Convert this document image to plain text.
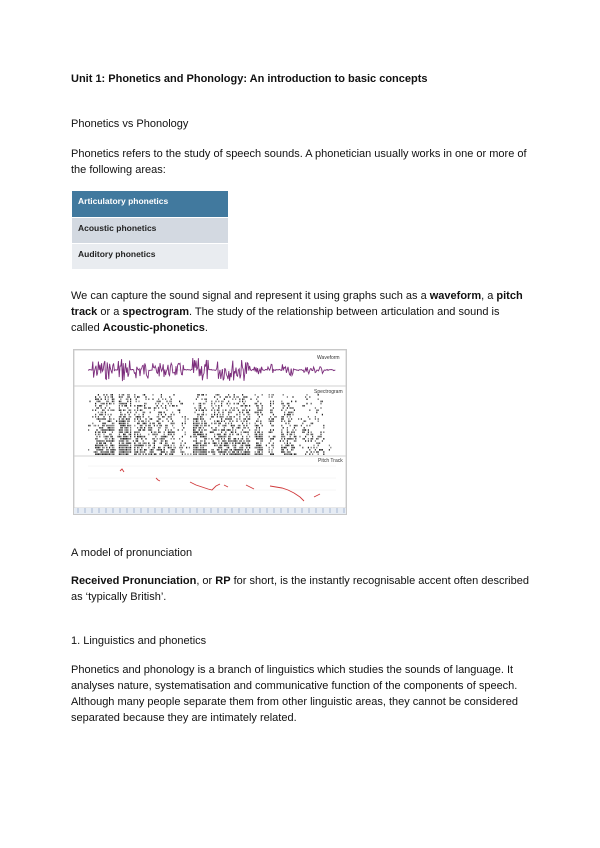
Unit 1: Phonetics and Phonology: An introduction to basic concepts
Phonetics vs Phonology
Phonetics refers to the study of speech sounds. A phonetician usually works in one or more of the following areas:
Articulatory phonetics
Acoustic phonetics
Auditory phonetics
We can capture the sound signal and represent it using graphs such as a waveform, a pitch track or a spectrogram. The study of the relationship between articulation and sound is called Acoustic-phonetics.
Waveform
Spectrogram
Pitch Track
A model of pronunciation
Received Pronunciation, or RP for short, is the instantly recognisable accent often described as ‘typically British’.
1. Linguistics and phonetics
Phonetics and phonology is a branch of linguistics which studies the sounds of language. It analyses nature, systematisation and communicative function of the components of speech. Although many people separate them from other linguistic areas, they cannot be considered separated because they are intimately related.
